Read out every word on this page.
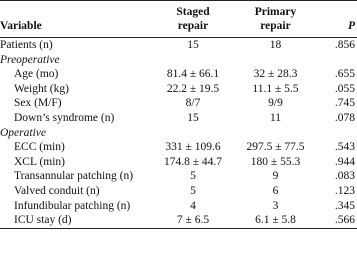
	Staged	Primary	
Variable	repair	repair	P
Patients (n)	15	18	.856
Preoperative			
Age (mo)	81.4 ± 66.1	32 ± 28.3	.655
Weight (kg)	22.2 ± 19.5	11.1 ± 5.5	.055
Sex (M/F)	8/7	9/9	.745
Down’s syndrome (n)	15	11	.078
Operative			
ECC (min)	331 ± 109.6	297.5 ± 77.5	.543
XCL (min)	174.8 ± 44.7	180 ± 55.3	.944
Transannular patching (n)	5	9	.083
Valved conduit (n)	5	6	.123
Infundibular patching (n)	4	3	.345
ICU stay (d)	7 ± 6.5	6.1 ± 5.8	.566
